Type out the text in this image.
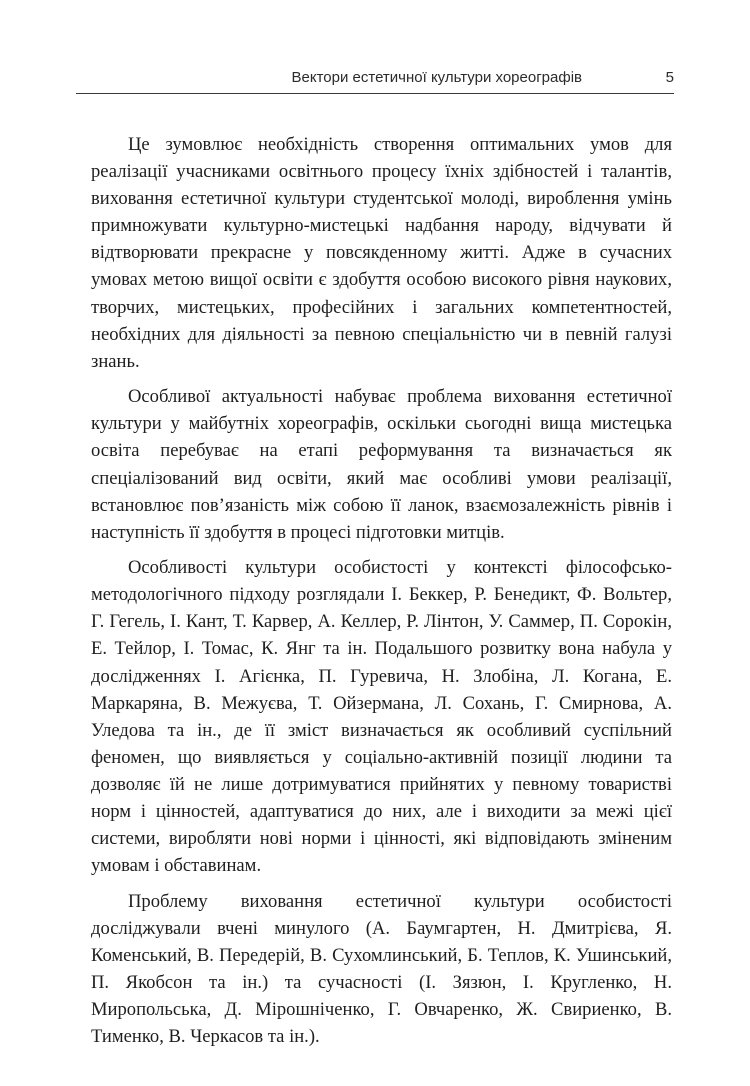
Вектори естетичної культури хореографів	5

Це зумовлює необхідність створення оптимальних умов для реалізації учасниками освітнього процесу їхніх здібностей і талантів, виховання естетичної культури студентської молоді, вироблення умінь примножувати культурно-мистецькі надбання народу, відчувати й відтворювати прекрасне у повсякденному житті. Адже в сучасних умовах метою вищої освіти є здобуття особою високого рівня наукових, творчих, мистецьких, професійних і загальних компетентностей, необхідних для діяльності за певною спеціальністю чи в певній галузі знань.

Особливої актуальності набуває проблема виховання естетичної культури у майбутніх хореографів, оскільки сьогодні вища мистецька освіта перебуває на етапі реформування та визначається як спеціалізований вид освіти, який має особливі умови реалізації, встановлює пов’язаність між собою її ланок, взаємозалежність рівнів і наступність її здобуття в процесі підготовки митців.

Особливості культури особистості у контексті філософсько-методологічного підходу розглядали І. Беккер, Р. Бенедикт, Ф. Вольтер, Г. Гегель, І. Кант, Т. Карвер, А. Келлер, Р. Лінтон, У. Саммер, П. Сорокін, Е. Тейлор, І. Томас, К. Янг та ін. Подальшого розвитку вона набула у дослідженнях І. Агієнка, П. Гуревича, Н. Злобіна, Л. Когана, Е. Маркаряна, В. Межуєва, Т. Ойзермана, Л. Сохань, Г. Смирнова, А. Уледова та ін., де її зміст визначається як особливий суспільний феномен, що виявляється у соціально-активній позиції людини та дозволяє їй не лише дотримуватися прийнятих у певному товаристві норм і цінностей, адаптуватися до них, але і виходити за межі цієї системи, виробляти нові норми і цінності, які відповідають зміненим умовам і обставинам.

Проблему виховання естетичної культури особистості досліджували вчені минулого (А. Баумгартен, Н. Дмитрієва, Я. Коменський, В. Передерій, В. Сухомлинський, Б. Теплов, К. Ушинський, П. Якобсон та ін.) та сучасності (І. Зязюн, І. Кругленко, Н. Миропольська, Д. Мірошніченко, Г. Овчаренко, Ж. Свириенко, В. Тименко, В. Черкасов та ін.).
